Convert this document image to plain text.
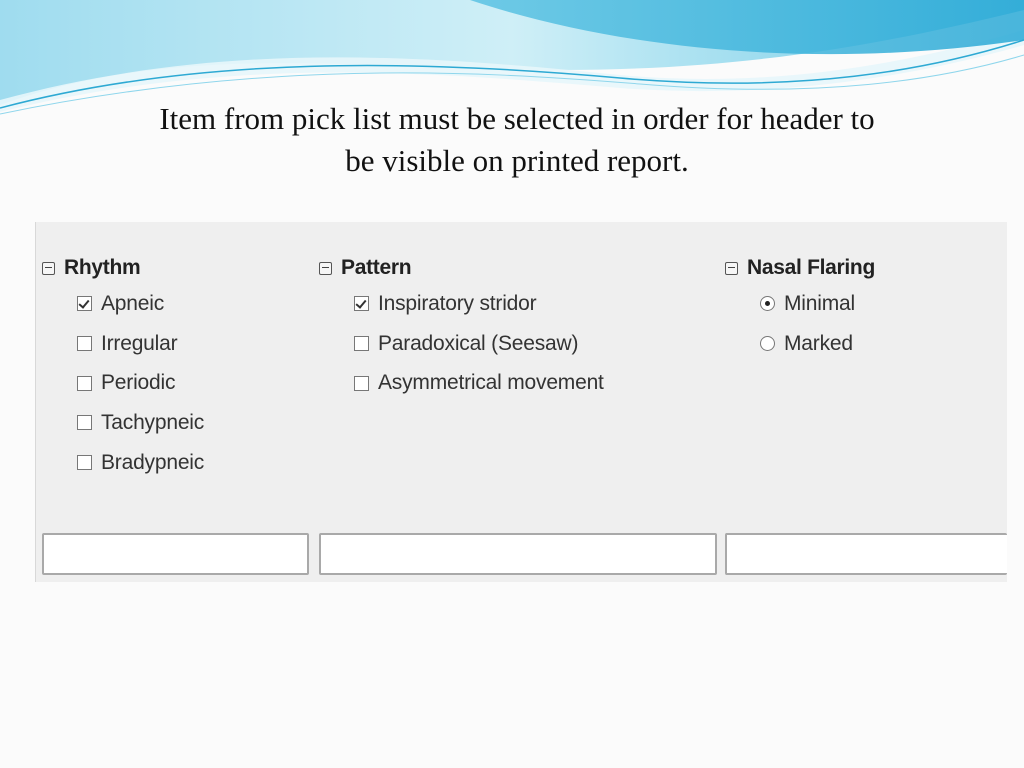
Item from pick list must be selected in order for header to
be visible on printed report.
Rhythm
Apneic
Irregular
Periodic
Tachypneic
Bradypneic
Pattern
Inspiratory stridor
Paradoxical (Seesaw)
Asymmetrical movement
Nasal Flaring
Minimal
Marked
